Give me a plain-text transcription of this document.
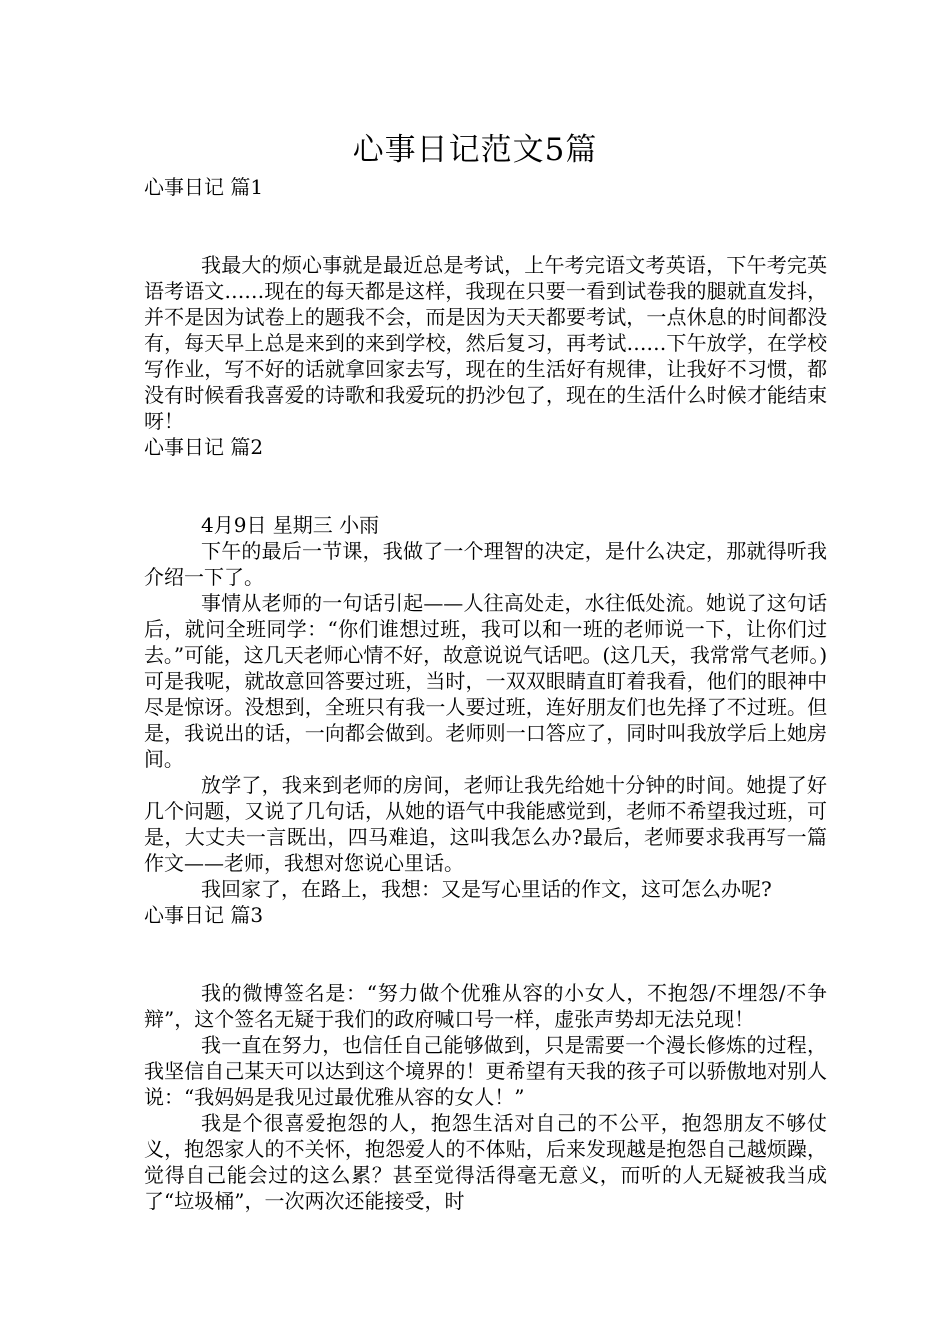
心事日记范文5篇

心事日记 篇1

我最大的烦心事就是最近总是考试，上午考完语文考英语，下午考完英语考语文……现在的每天都是这样，我现在只要一看到试卷我的腿就直发抖，并不是因为试卷上的题我不会，而是因为天天都要考试，一点休息的时间都没有，每天早上总是来到的来到学校，然后复习，再考试……下午放学，在学校写作业，写不好的话就拿回家去写，现在的生活好有规律，让我好不习惯，都没有时候看我喜爱的诗歌和我爱玩的扔沙包了，现在的生活什么时候才能结束呀！

心事日记 篇2

4月9日 星期三 小雨

下午的最后一节课，我做了一个理智的决定，是什么决定，那就得听我介绍一下了。

事情从老师的一句话引起——人往高处走，水往低处流。她说了这句话后，就问全班同学：“你们谁想过班，我可以和一班的老师说一下，让你们过去。”可能，这几天老师心情不好，故意说说气话吧。(这几天，我常常气老师。)可是我呢，就故意回答要过班，当时，一双双眼睛直盯着我看，他们的眼神中尽是惊讶。没想到，全班只有我一人要过班，连好朋友们也先择了不过班。但是，我说出的话，一向都会做到。老师则一口答应了，同时叫我放学后上她房间。

放学了，我来到老师的房间，老师让我先给她十分钟的时间。她提了好几个问题，又说了几句话，从她的语气中我能感觉到，老师不希望我过班，可是，大丈夫一言既出，四马难追，这叫我怎么办?最后，老师要求我再写一篇作文——老师，我想对您说心里话。

我回家了，在路上，我想：又是写心里话的作文，这可怎么办呢?

心事日记 篇3

我的微博签名是：“努力做个优雅从容的小女人，不抱怨/不埋怨/不争辩”，这个签名无疑于我们的政府喊口号一样，虚张声势却无法兑现！

我一直在努力，也信任自己能够做到，只是需要一个漫长修炼的过程，我坚信自己某天可以达到这个境界的！更希望有天我的孩子可以骄傲地对别人说：“我妈妈是我见过最优雅从容的女人！”

我是个很喜爱抱怨的人，抱怨生活对自己的不公平，抱怨朋友不够仗义，抱怨家人的不关怀，抱怨爱人的不体贴，后来发现越是抱怨自己越烦躁，觉得自己能会过的这么累？甚至觉得活得毫无意义，而听的人无疑被我当成了“垃圾桶”，一次两次还能接受，时
